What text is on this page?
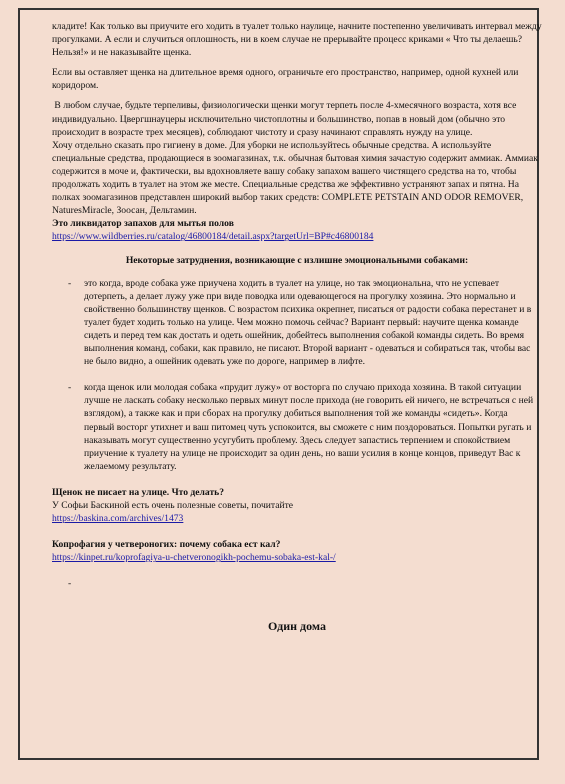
кладите! Как только вы приучите его ходить в туалет только наулице, начните постепенно увеличивать интервал между прогулками. А если и случиться оплошность, ни в коем случае не прерывайте процесс криками « Что ты делаешь? Нельзя!» и не наказывайте щенка.

Если вы оставляет щенка на длительное время одного, ограничьте его пространство, например, одной кухней или коридором.

В любом случае, будьте терпеливы, физиологически щенки могут терпеть после 4-хмесячного возраста, хотя все индивидуально. Цвергшнауцеры исключительно чистоплотны и большинство, попав в новый дом (обычно это происходит в возрасте трех месяцев), соблюдают чистоту и сразу начинают справлять нужду на улице.

Хочу отдельно сказать про гигиену в доме. Для уборки не используйтесь обычные средства. А используйте специальные средства, продающиеся в зоомагазинах, т.к. обычная бытовая химия зачастую содержит аммиак. Аммиак содержится в моче и, фактически, вы вдохновляете вашу собаку запахом вашего чистящего средства на то, чтобы продолжать ходить в туалет на этом же месте. Специальные средства же эффективно устраняют запах и пятна. На полках зоомагазинов представлен широкий выбор таких средств: COMPLETE PETSTAIN AND ODOR REMOVER, NaturesMiracle, Зоосан, Дельтамин.

Это ликвидатор запахов для мытья полов

https://www.wildberries.ru/catalog/46800184/detail.aspx?targetUrl=BP#c46800184

Некоторые затруднения, возникающие с излишне эмоциональными собаками:

- это когда, вроде собака уже приучена ходить в туалет на улице, но так эмоциональна, что не успевает дотерпеть, а делает лужу уже при виде поводка или одевающегося на прогулку хозяина. Это нормально и свойственно большинству щенков. С возрастом психика окрепнет, писаться от радости собака перестанет и в туалет будет ходить только на улице. Чем можно помочь сейчас? Вариант первый: научите щенка команде сидеть и перед тем как достать и одеть ошейник, добейтесь выполнения собакой команды сидеть. Во время выполнения команд, собаки, как правило, не писают. Второй вариант - одеваться и собираться так, чтобы вас не было видно, а ошейник одевать уже по дороге, например в лифте.
- когда щенок или молодая собака «прудит лужу» от восторга по случаю прихода хозяина. В такой ситуации лучше не ласкать собаку несколько первых минут после прихода (не говорить ей ничего, не встречаться с ней взглядом), а также как и при сборах на прогулку добиться выполнения той же команды «сидеть». Когда первый восторг утихнет и ваш питомец чуть успокоится, вы сможете с ним поздороваться. Попытки ругать и наказывать могут существенно усугубить проблему. Здесь следует запастись терпением и спокойствием приучение к туалету на улице не происходит за один день, но ваши усилия в конце концов, приведут Вас к желаемому результату.

Щенок не писает на улице. Что делать?

У Софьи Баскиной есть очень полезные советы, почитайте

https://baskina.com/archives/1473

Копрофагия у четвероногих: почему собака ест кал?

https://kinpet.ru/koprofagiya-u-chetveronogikh-pochemu-sobaka-est-kal-/

-

Один дома
